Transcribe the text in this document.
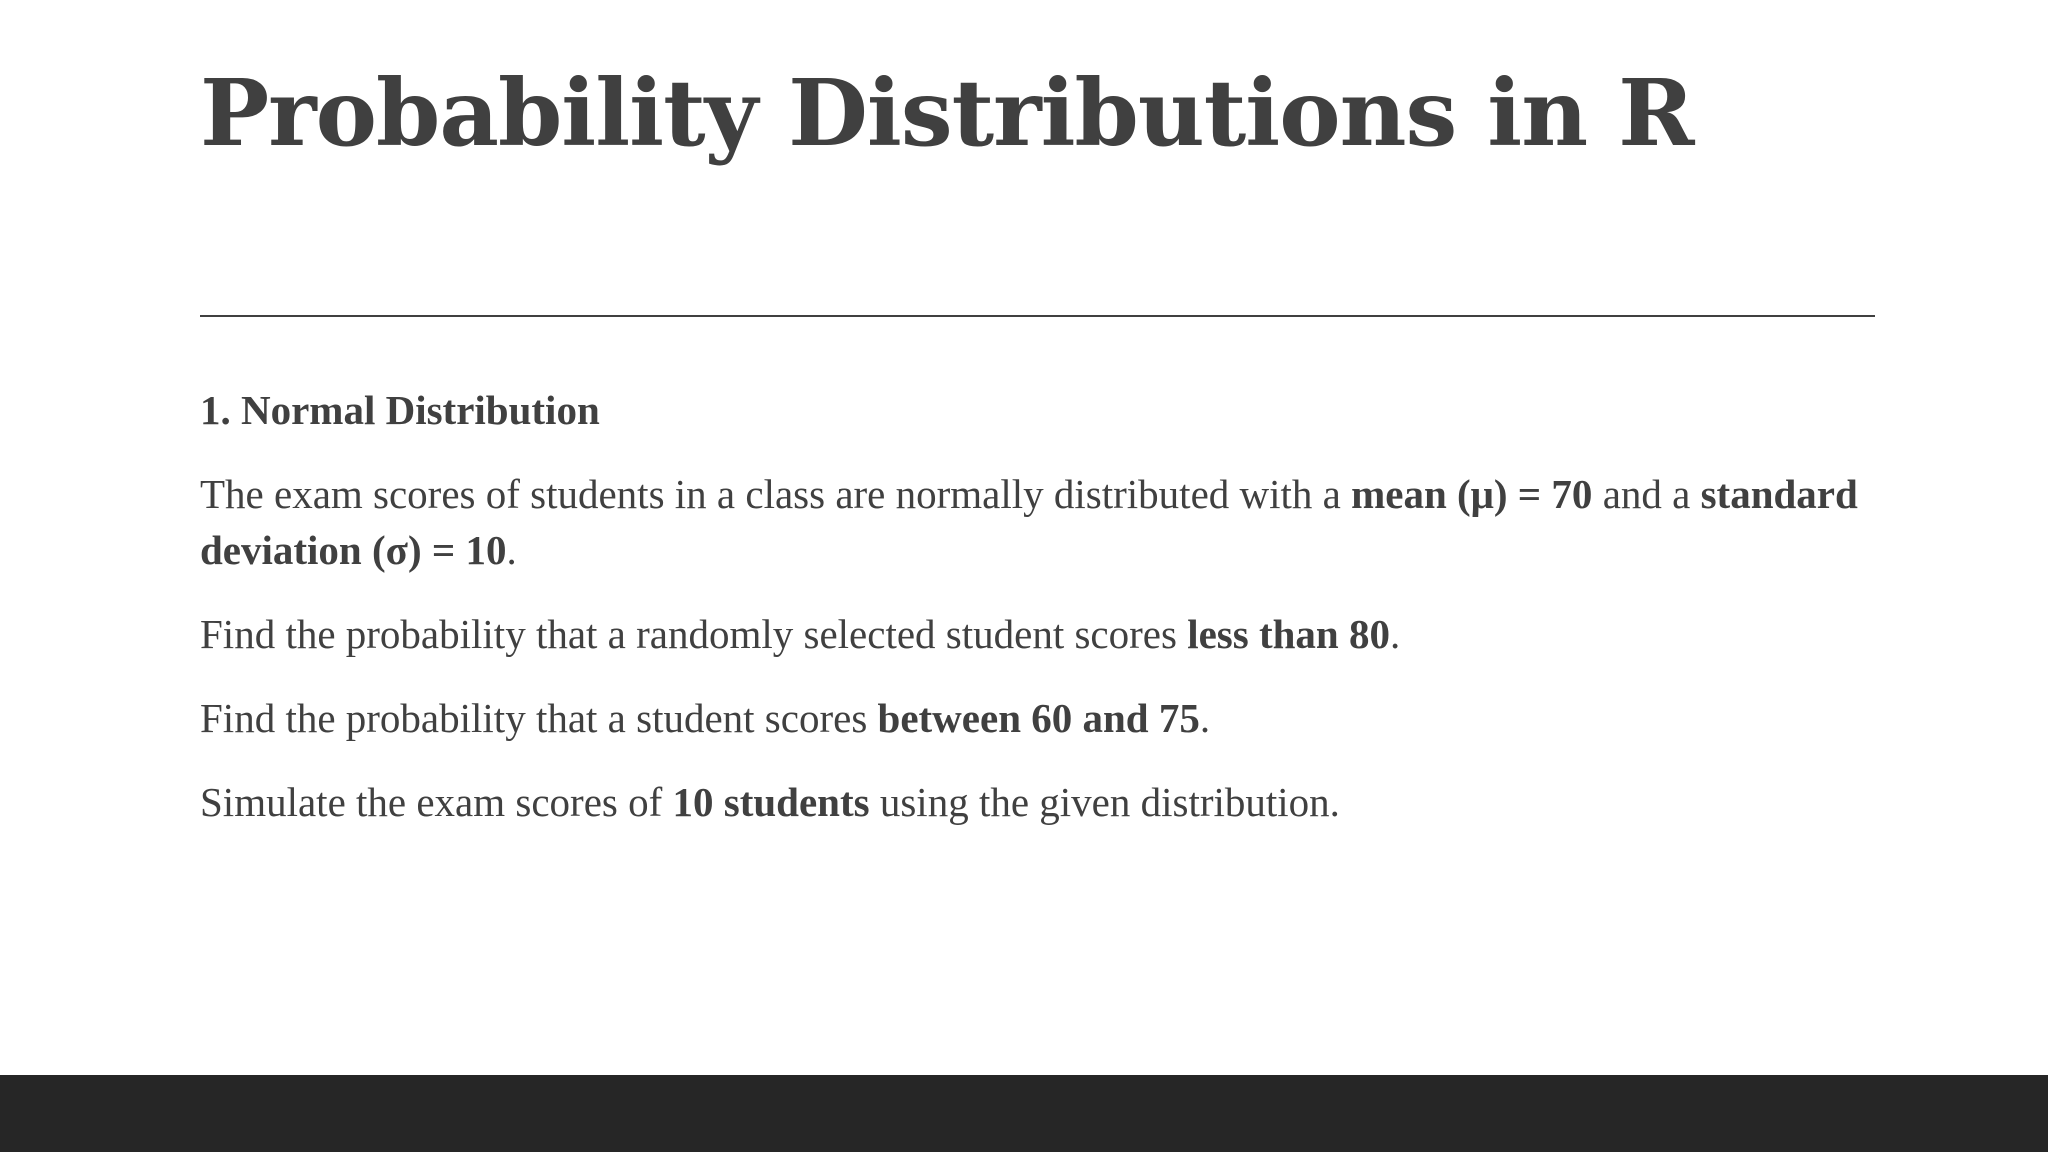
Probability Distributions in R

1. Normal Distribution

The exam scores of students in a class are normally distributed with a mean (μ) = 70 and a standard deviation (σ) = 10.

Find the probability that a randomly selected student scores less than 80.

Find the probability that a student scores between 60 and 75.

Simulate the exam scores of 10 students using the given distribution.
